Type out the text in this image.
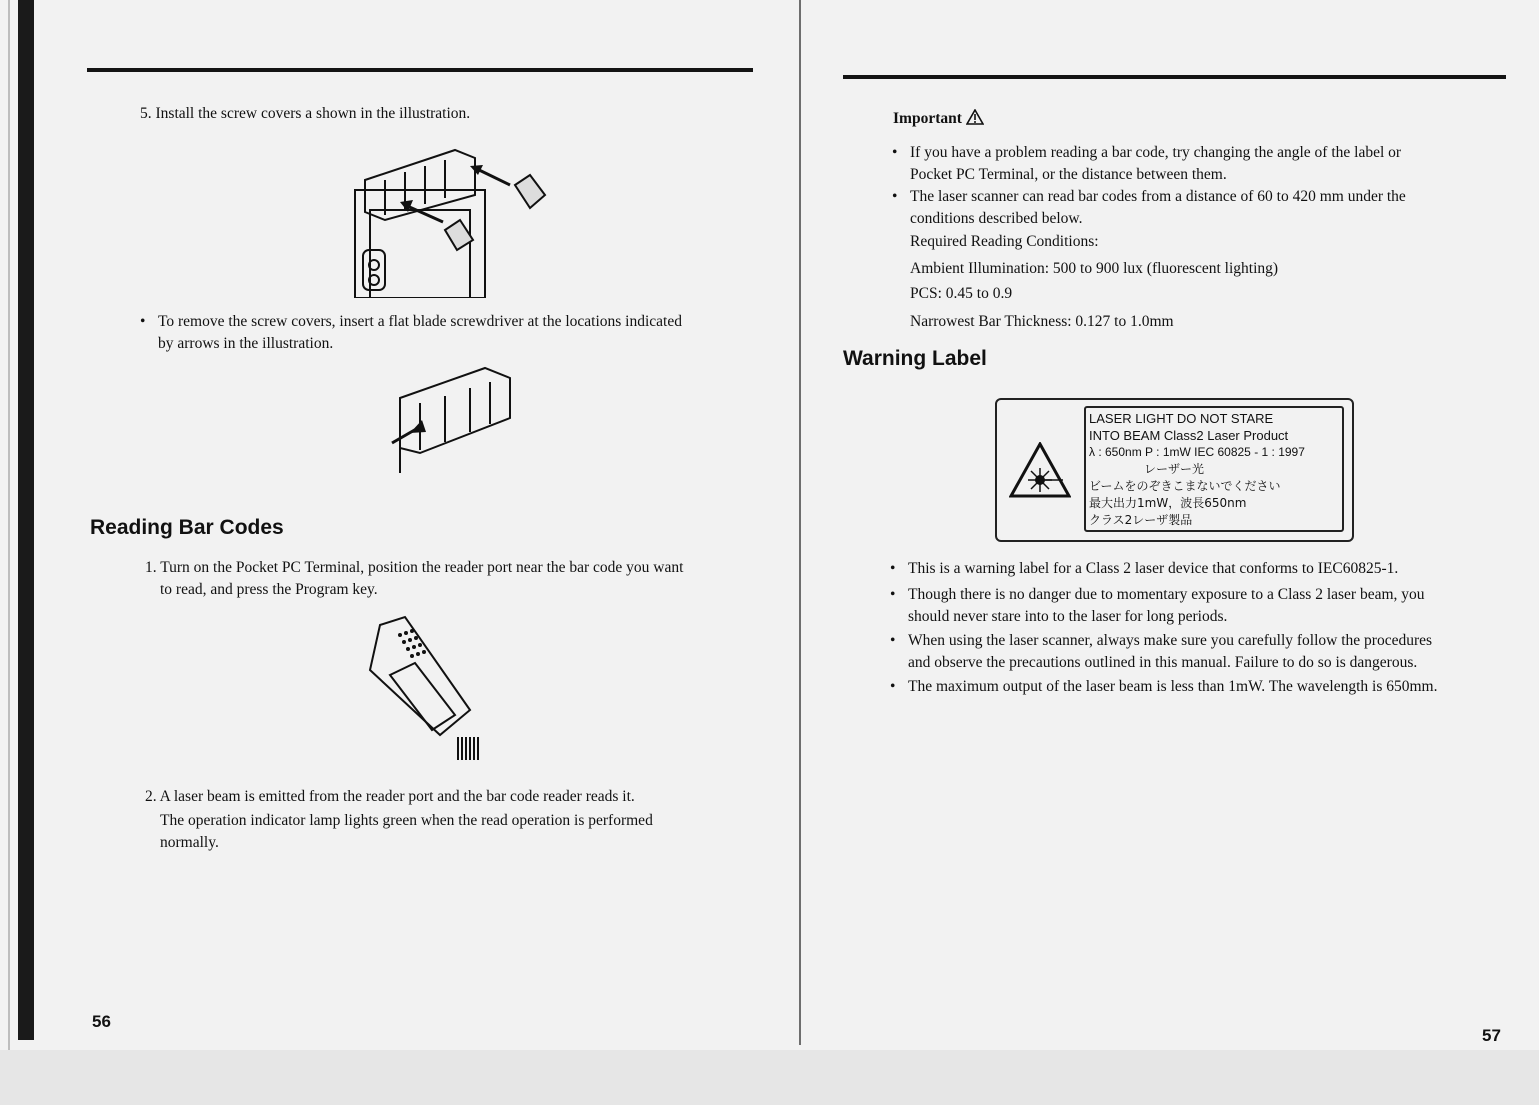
5. Install the screw covers a shown in the illustration.
• To remove the screw covers, insert a flat blade screwdriver at the locations indicated
by arrows in the illustration.
Reading Bar Codes
1. Turn on the Pocket PC Terminal, position the reader port near the bar code you want
to read, and press the Program key.
2. A laser beam is emitted from the reader port and the bar code reader reads it.
The operation indicator lamp lights green when the read operation is performed
normally.
56
Important
• If you have a problem reading a bar code, try changing the angle of the label or
Pocket PC Terminal, or the distance between them.
• The laser scanner can read bar codes from a distance of 60 to 420 mm under the
conditions described below.
Required Reading Conditions:
Ambient Illumination: 500 to 900 lux (fluorescent lighting)
PCS: 0.45 to 0.9
Narrowest Bar Thickness: 0.127 to 1.0mm
Warning Label
LASER LIGHT DO NOT STARE
INTO BEAM Class2 Laser Product
λ : 650nm P : 1mW IEC 60825 - 1 : 1997
レーザー光
ビームをのぞきこまないでください
最大出力1mW，波長650nm
クラス2レーザ製品
• This is a warning label for a Class 2 laser device that conforms to IEC60825-1.
• Though there is no danger due to momentary exposure to a Class 2 laser beam, you
should never stare into to the laser for long periods.
• When using the laser scanner, always make sure you carefully follow the procedures
and observe the precautions outlined in this manual. Failure to do so is dangerous.
• The maximum output of the laser beam is less than 1mW. The wavelength is 650mm.
57
